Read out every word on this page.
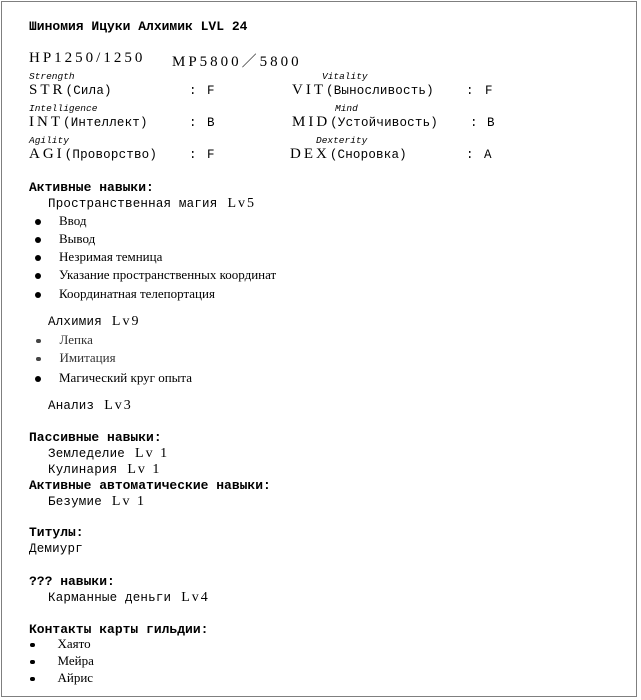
Шиномия Ицуки Алхимик LVL 24
HP1250/1250 MP5800／5800
Strength
STR(Сила)	: F
Vitality
VIT(Выносливость)	: F
Intelligence
INT(Интеллект)	: B
Mind
MID(Устойчивость)	: B
Agility
AGI(Проворство)	: F
Dexterity
DEX(Сноровка)	: A
Активные навыки:
Пространственная магия Lv5
Ввод
Вывод
Незримая темница
Указание пространственных координат
Координатная телепортация
Алхимия Lv9
Лепка
Имитация
Магический круг опыта
Анализ Lv3
Пассивные навыки:
Земледелие Lv 1
Кулинария Lv 1
Активные автоматические навыки:
Безумие Lv 1
Титулы:
Демиург
??? навыки:
Карманные деньги Lv4
Контакты карты гильдии:
Хаято
Мейра
Айрис
